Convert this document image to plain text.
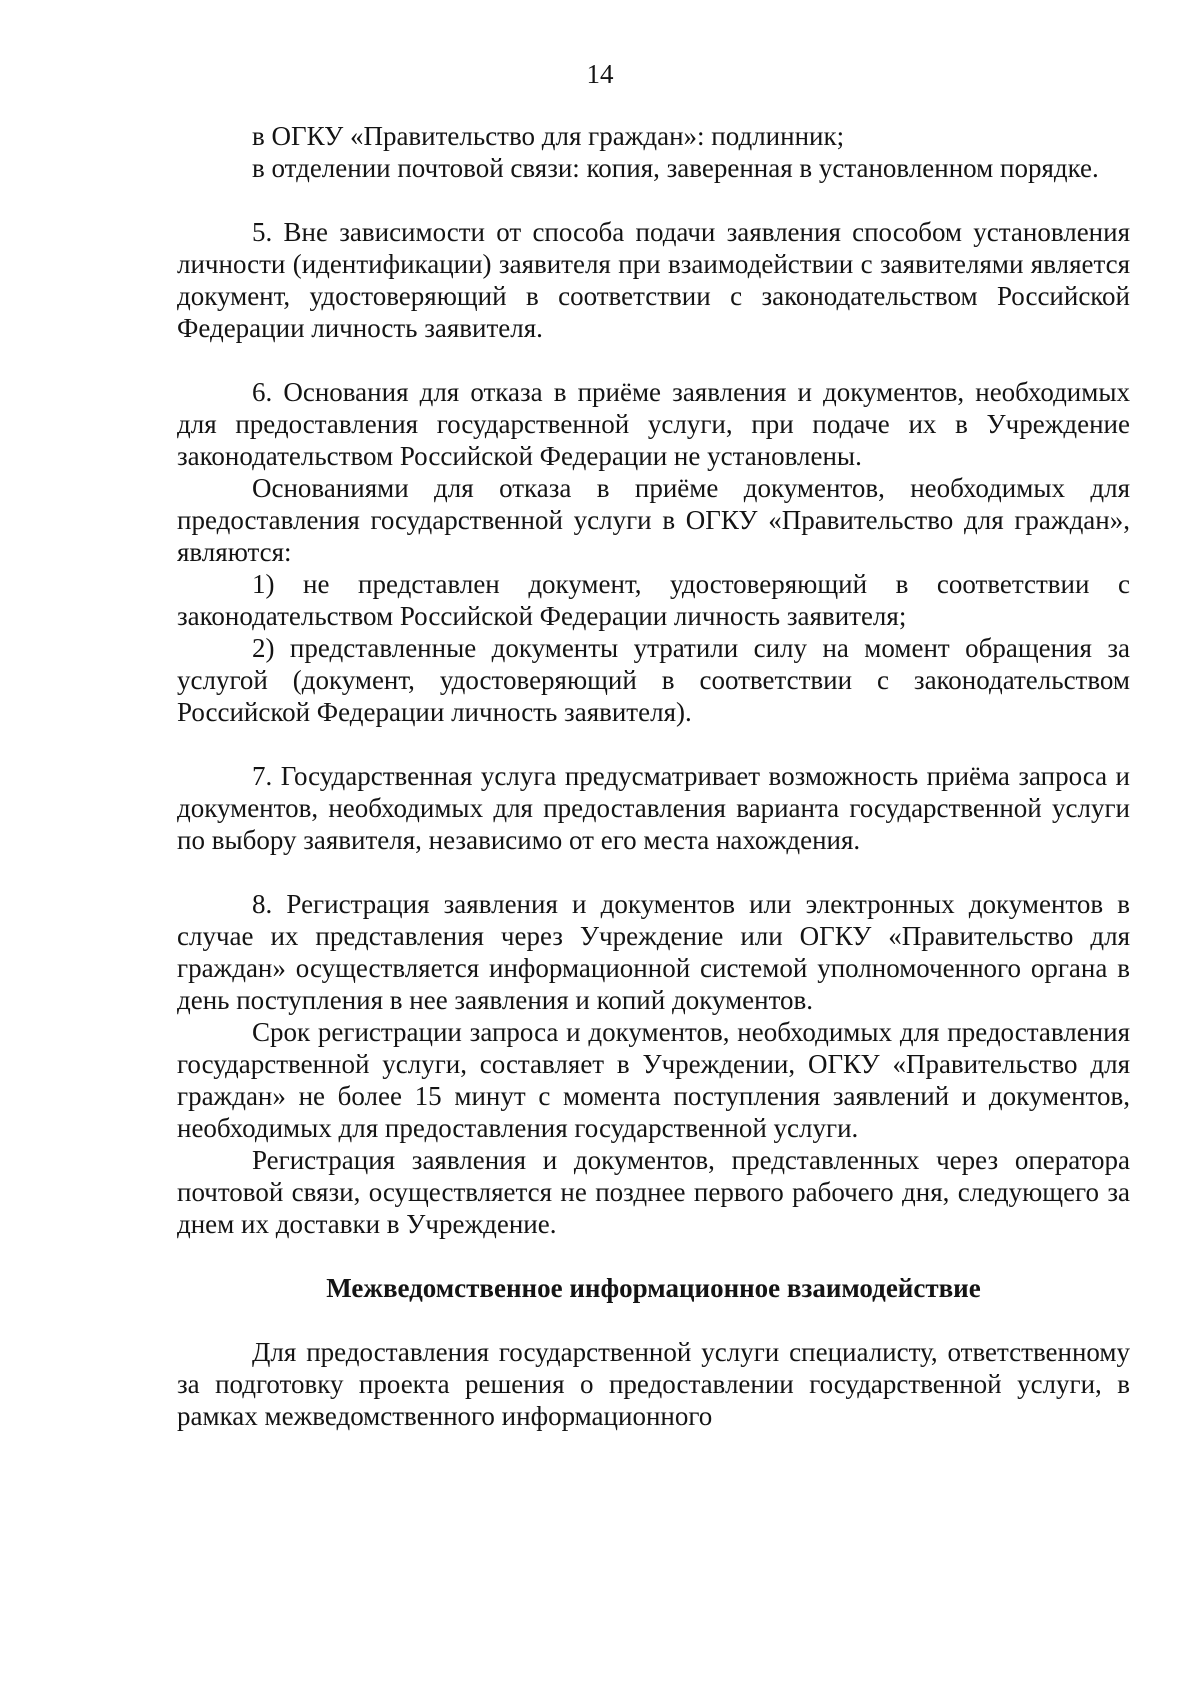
14

в ОГКУ «Правительство для граждан»: подлинник;

в отделении почтовой связи: копия, заверенная в установленном порядке.

5. Вне зависимости от способа подачи заявления способом установления личности (идентификации) заявителя при взаимодействии с заявителями является документ, удостоверяющий в соответствии с законодательством Российской Федерации личность заявителя.

6. Основания для отказа в приёме заявления и документов, необходимых для предоставления государственной услуги, при подаче их в Учреждение законодательством Российской Федерации не установлены.

Основаниями для отказа в приёме документов, необходимых для предоставления государственной услуги в ОГКУ «Правительство для граждан», являются:

1) не представлен документ, удостоверяющий в соответствии с законодательством Российской Федерации личность заявителя;

2) представленные документы утратили силу на момент обращения за услугой (документ, удостоверяющий в соответствии с законодательством Российской Федерации личность заявителя).

7. Государственная услуга предусматривает возможность приёма запроса и документов, необходимых для предоставления варианта государственной услуги по выбору заявителя, независимо от его места нахождения.

8. Регистрация заявления и документов или электронных документов в случае их представления через Учреждение или ОГКУ «Правительство для граждан» осуществляется информационной системой уполномоченного органа в день поступления в нее заявления и копий документов.

Срок регистрации запроса и документов, необходимых для предоставления государственной услуги, составляет в Учреждении, ОГКУ «Правительство для граждан» не более 15 минут с момента поступления заявлений и документов, необходимых для предоставления государственной услуги.

Регистрация заявления и документов, представленных через оператора почтовой связи, осуществляется не позднее первого рабочего дня, следующего за днем их доставки в Учреждение.

Межведомственное информационное взаимодействие

Для предоставления государственной услуги специалисту, ответственному за подготовку проекта решения о предоставлении государственной услуги, в рамках межведомственного информационного
